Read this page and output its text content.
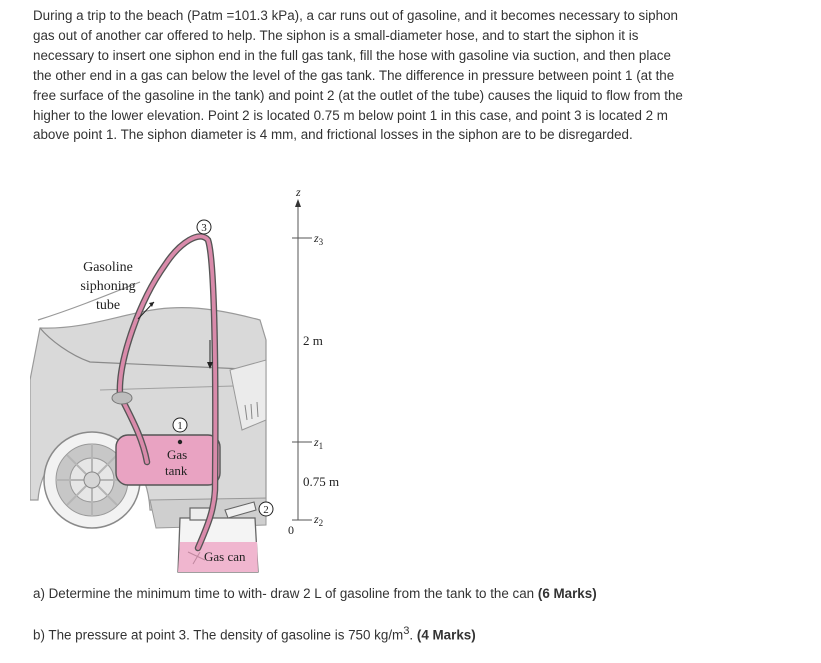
During a trip to the beach (Patm =101.3 kPa), a car runs out of gasoline, and it becomes necessary to siphon gas out of another car offered to help. The siphon is a small-diameter hose, and to start the siphon it is necessary to insert one siphon end in the full gas tank, fill the hose with gasoline via suction, and then place the other end in a gas can below the level of the gas tank. The difference in pressure between point 1 (at the free surface of the gasoline in the tank) and point 2 (at the outlet of the tube) causes the liquid to flow from the higher to the lower elevation. Point 2 is located 0.75 m below point 1 in this case, and point 3 is located 2 m above point 1. The siphon diameter is 4 mm, and frictional losses in the siphon are to be disregarded.

Gas
tank
Gas can
Gasoline
siphoning
tube
3
1
2
z
$z_3$
$z_1$
$z_2$
2 m
0.75 m
0

a) Determine the minimum time to with- draw 2 L of gasoline from the tank to the can (6 Marks)

b) The pressure at point 3. The density of gasoline is 750 $kg/m^3$. (4 Marks)
